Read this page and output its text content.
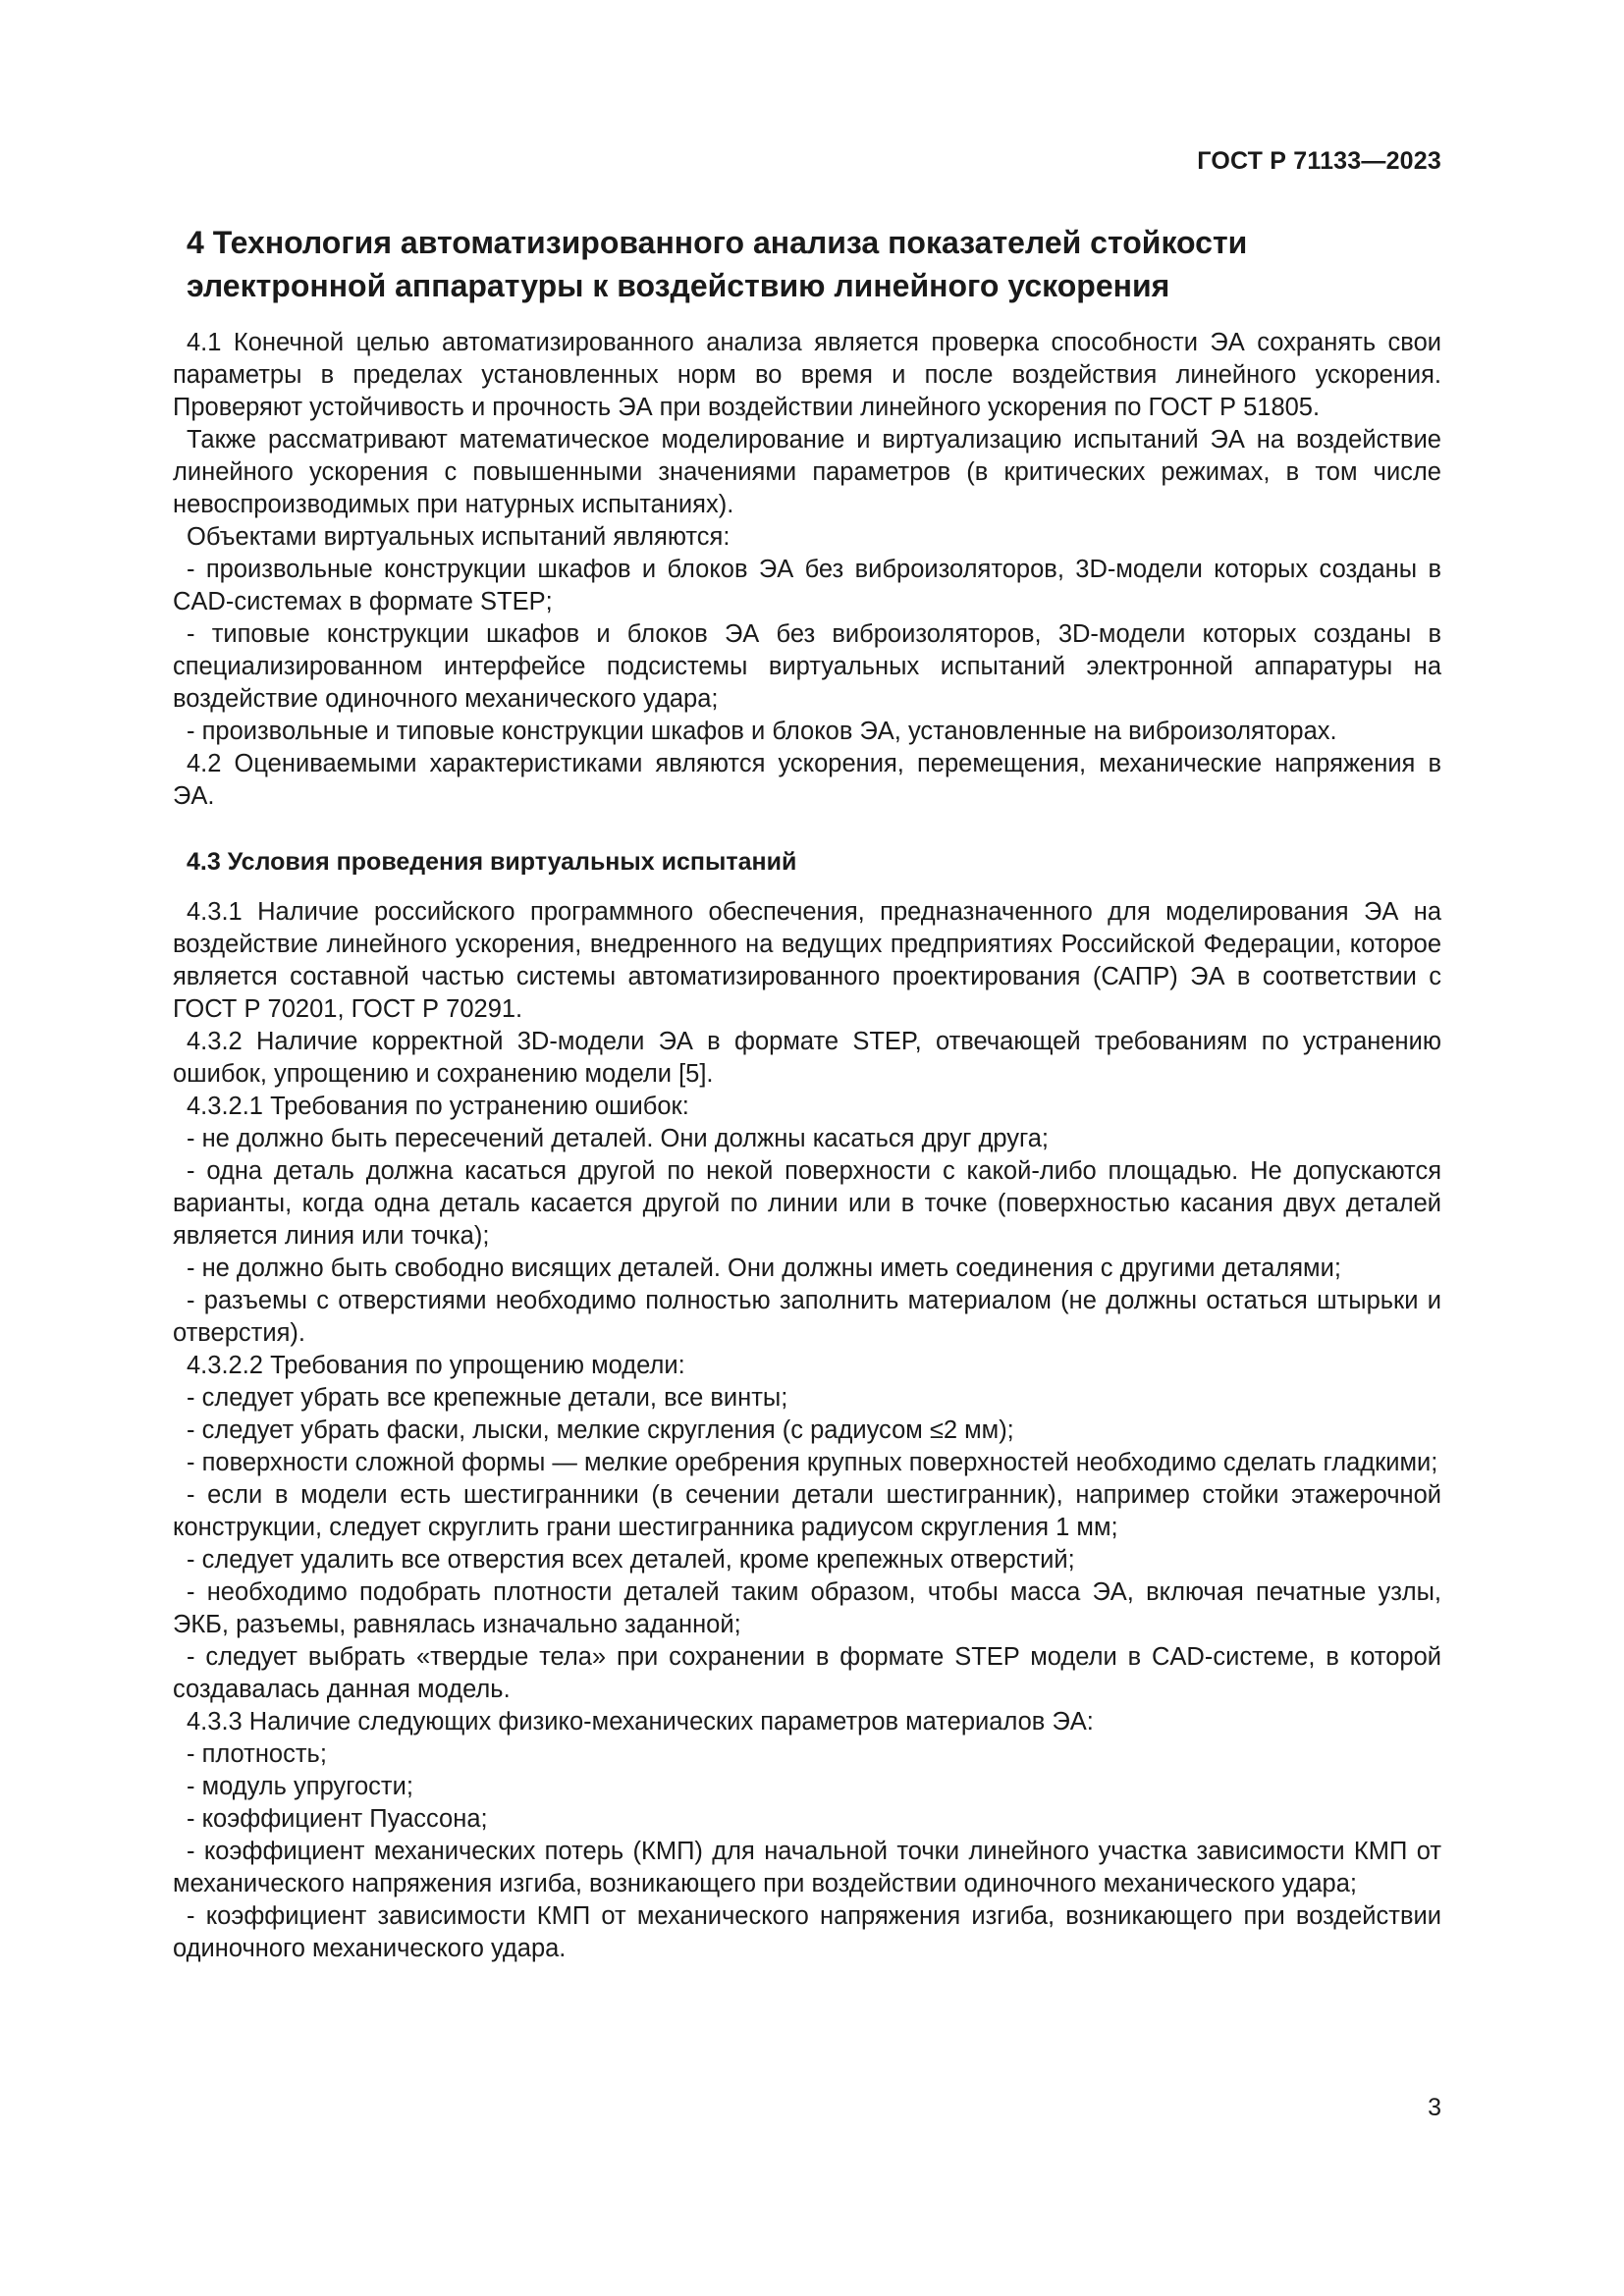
ГОСТ Р 71133—2023
4 Технология автоматизированного анализа показателей стойкости
электронной аппаратуры к воздействию линейного ускорения

4.1 Конечной целью автоматизированного анализа является проверка способности ЭА сохранять свои параметры в пределах установленных норм во время и после воздействия линейного ускорения. Проверяют устойчивость и прочность ЭА при воздействии линейного ускорения по ГОСТ Р 51805.

Также рассматривают математическое моделирование и виртуализацию испытаний ЭА на воздействие линейного ускорения с повышенными значениями параметров (в критических режимах, в том числе невоспроизводимых при натурных испытаниях).

Объектами виртуальных испытаний являются:

- произвольные конструкции шкафов и блоков ЭА без виброизоляторов, 3D-модели которых созданы в CAD-системах в формате STEP;

- типовые конструкции шкафов и блоков ЭА без виброизоляторов, 3D-модели которых созданы в специализированном интерфейсе подсистемы виртуальных испытаний электронной аппаратуры на воздействие одиночного механического удара;

- произвольные и типовые конструкции шкафов и блоков ЭА, установленные на виброизоляторах.

4.2 Оцениваемыми характеристиками являются ускорения, перемещения, механические напряжения в ЭА.

4.3 Условия проведения виртуальных испытаний

4.3.1 Наличие российского программного обеспечения, предназначенного для моделирования ЭА на воздействие линейного ускорения, внедренного на ведущих предприятиях Российской Федерации, которое является составной частью системы автоматизированного проектирования (САПР) ЭА в соответствии с ГОСТ Р 70201, ГОСТ Р 70291.

4.3.2 Наличие корректной 3D-модели ЭА в формате STEP, отвечающей требованиям по устранению ошибок, упрощению и сохранению модели [5].

4.3.2.1 Требования по устранению ошибок:

- не должно быть пересечений деталей. Они должны касаться друг друга;

- одна деталь должна касаться другой по некой поверхности с какой-либо площадью. Не допускаются варианты, когда одна деталь касается другой по линии или в точке (поверхностью касания двух деталей является линия или точка);

- не должно быть свободно висящих деталей. Они должны иметь соединения с другими деталями;

- разъемы с отверстиями необходимо полностью заполнить материалом (не должны остаться штырьки и отверстия).

4.3.2.2 Требования по упрощению модели:

- следует убрать все крепежные детали, все винты;

- следует убрать фаски, лыски, мелкие скругления (с радиусом ≤2 мм);

- поверхности сложной формы — мелкие оребрения крупных поверхностей необходимо сделать гладкими;

- если в модели есть шестигранники (в сечении детали шестигранник), например стойки этажерочной конструкции, следует скруглить грани шестигранника радиусом скругления 1 мм;

- следует удалить все отверстия всех деталей, кроме крепежных отверстий;

- необходимо подобрать плотности деталей таким образом, чтобы масса ЭА, включая печатные узлы, ЭКБ, разъемы, равнялась изначально заданной;

- следует выбрать «твердые тела» при сохранении в формате STEP модели в CAD-системе, в которой создавалась данная модель.

4.3.3 Наличие следующих физико-механических параметров материалов ЭА:

- плотность;

- модуль упругости;

- коэффициент Пуассона;

- коэффициент механических потерь (КМП) для начальной точки линейного участка зависимости КМП от механического напряжения изгиба, возникающего при воздействии одиночного механического удара;

- коэффициент зависимости КМП от механического напряжения изгиба, возникающего при воздействии одиночного механического удара.

3
